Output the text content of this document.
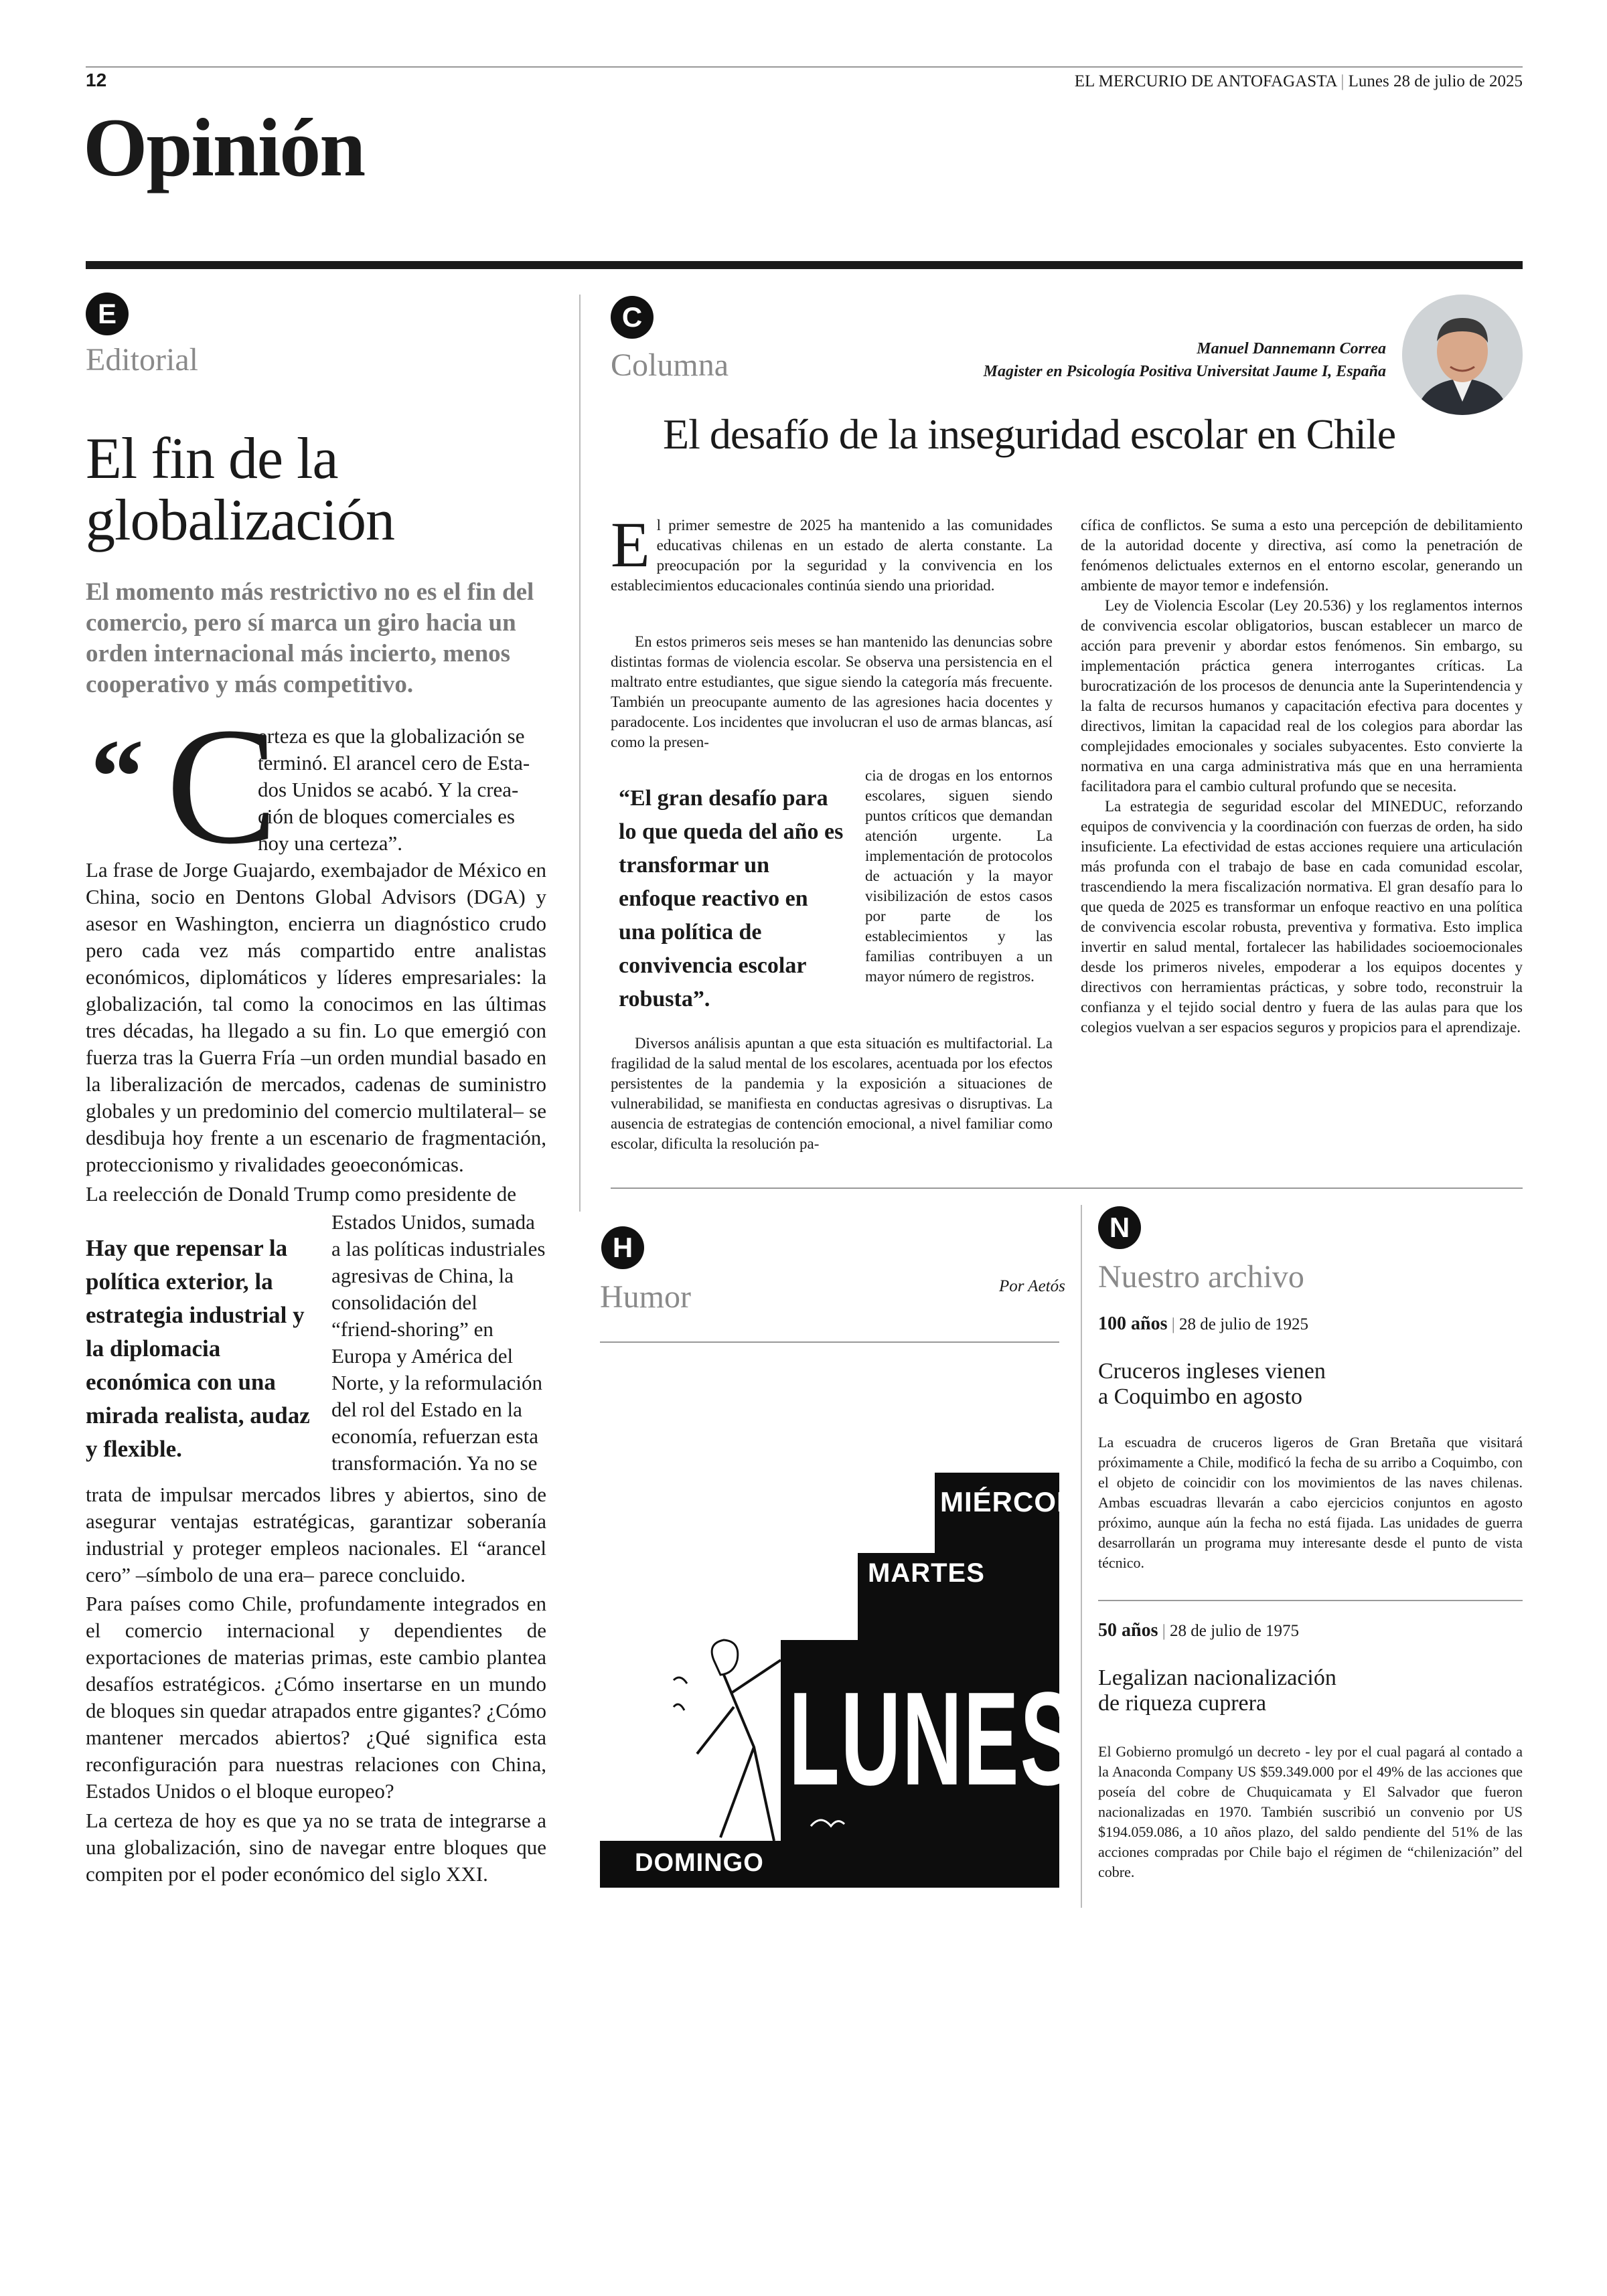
12	EL MERCURIO DE ANTOFAGASTA | Lunes 28 de julio de 2025
Opinión
E
Editorial
El fin de la
globalización
El momento más restrictivo no es el fin del comercio, pero sí marca un giro hacia un orden internacional más incierto, menos cooperativo y más competitivo.
“ C
erteza es que la globalización se
terminó. El arancel cero de Esta-
dos Unidos se acabó. Y la crea-
ción de bloques comerciales es
hoy una certeza”.
La frase de Jorge Guajardo, exembajador de México en China, socio en Dentons Global Advisors (DGA) y asesor en Washington, encierra un diagnóstico crudo pero cada vez más compartido entre analistas económicos, diplomáticos y líderes empresariales: la globalización, tal como la conocimos en las últimas tres décadas, ha llegado a su fin. Lo que emergió con fuerza tras la Guerra Fría –un orden mundial basado en la liberalización de mercados, cadenas de suministro globales y un predominio del comercio multilateral– se desdibuja hoy frente a un escenario de fragmentación, proteccionismo y rivalidades geoeconómicas.
La reelección de Donald Trump como presidente de
Hay que repensar la política exterior, la estrategia industrial y la diplomacia económica con una mirada realista, audaz y flexible.
Estados Unidos, sumada a las políticas industriales agresivas de China, la consolidación del “friend-shoring” en Europa y América del Norte, y la reformulación del rol del Estado en la economía, refuerzan esta transformación. Ya no se
trata de impulsar mercados libres y abiertos, sino de asegurar ventajas estratégicas, garantizar soberanía industrial y proteger empleos nacionales. El “arancel cero” –símbolo de una era– parece concluido.
Para países como Chile, profundamente integrados en el comercio internacional y dependientes de exportaciones de materias primas, este cambio plantea desafíos estratégicos. ¿Cómo insertarse en un mundo de bloques sin quedar atrapados entre gigantes? ¿Cómo mantener mercados abiertos? ¿Qué significa esta reconfiguración para nuestras relaciones con China, Estados Unidos o el bloque europeo?
La certeza de hoy es que ya no se trata de integrarse a una globalización, sino de navegar entre bloques que compiten por el poder económico del siglo XXI.
C
Columna	Manuel Dannemann Correa
Magister en Psicología Positiva Universitat Jaume I, España
El desafío de la inseguridad escolar en Chile

El primer semestre de 2025 ha mantenido a las comunidades educativas chilenas en un estado de alerta constante. La preocupación por la seguridad y la convivencia en los establecimientos educacionales continúa siendo una prioridad.

En estos primeros seis meses se han mantenido las denuncias sobre distintas formas de violencia escolar. Se observa una persistencia en el maltrato entre estudiantes, que sigue siendo la categoría más frecuente. También un preocupante aumento de las agresiones hacia docentes y paradocente. Los incidentes que involucran el uso de armas blancas, así como la presen-

“El gran desafío para lo que queda del año es transformar un enfoque reactivo en una política de convivencia escolar robusta”.

cia de drogas en los entornos escolares, siguen siendo puntos críticos que demandan atención urgente. La implementación de protocolos de actuación y la mayor visibilización de estos casos por parte de los establecimientos y las familias contribuyen a un mayor número de registros.

Diversos análisis apuntan a que esta situación es multifactorial. La fragilidad de la salud mental de los escolares, acentuada por los efectos persistentes de la pandemia y la exposición a situaciones de vulnerabilidad, se manifiesta en conductas agresivas o disruptivas. La ausencia de estrategias de contención emocional, a nivel familiar como escolar, dificulta la resolución pa-

cífica de conflictos. Se suma a esto una percepción de debilitamiento de la autoridad docente y directiva, así como la penetración de fenómenos delictuales externos en el entorno escolar, generando un ambiente de mayor temor e indefensión.

Ley de Violencia Escolar (Ley 20.536) y los reglamentos internos de convivencia escolar obligatorios, buscan establecer un marco de acción para prevenir y abordar estos fenómenos. Sin embargo, su implementación práctica genera interrogantes críticas. La burocratización de los procesos de denuncia ante la Superintendencia y la falta de recursos humanos y capacitación efectiva para docentes y directivos, limitan la capacidad real de los colegios para abordar las complejidades emocionales y sociales subyacentes. Esto convierte la normativa en una carga administrativa más que en una herramienta facilitadora para el cambio cultural profundo que se necesita.

La estrategia de seguridad escolar del MINEDUC, reforzando equipos de convivencia y la coordinación con fuerzas de orden, ha sido insuficiente. La efectividad de estas acciones requiere una articulación más profunda con el trabajo de base en cada comunidad escolar, trascendiendo la mera fiscalización normativa. El gran desafío para lo que queda de 2025 es transformar un enfoque reactivo en una política de convivencia escolar robusta, preventiva y formativa. Esto implica invertir en salud mental, fortalecer las habilidades socioemocionales desde los primeros niveles, empoderar a los equipos docentes y directivos con herramientas prácticas, y sobre todo, reconstruir la confianza y el tejido social dentro y fuera de las aulas para que los colegios vuelvan a ser espacios seguros y propicios para el aprendizaje.

H
Humor	Por Aetós
MIÉRCOL
MARTES
LUNES
DOMINGO
N
Nuestro archivo
100 años | 28 de julio de 1925
Cruceros ingleses vienen
a Coquimbo en agosto
La escuadra de cruceros ligeros de Gran Bretaña que visitará próximamente a Chile, modificó la fecha de su arribo a Coquimbo, con el objeto de coincidir con los movimientos de las naves chilenas. Ambas escuadras llevarán a cabo ejercicios conjuntos en agosto próximo, aunque aún la fecha no está fijada. Las unidades de guerra desarrollarán un programa muy interesante desde el punto de vista técnico.
50 años | 28 de julio de 1975
Legalizan nacionalización
de riqueza cuprera
El Gobierno promulgó un decreto - ley por el cual pagará al contado a la Anaconda Company US $59.349.000 por el 49% de las acciones que poseía del cobre de Chuquicamata y El Salvador que fueron nacionalizadas en 1970. También suscribió un convenio por US $194.059.086, a 10 años plazo, del saldo pendiente del 51% de las acciones compradas por Chile bajo el régimen de “chilenización” del cobre.
